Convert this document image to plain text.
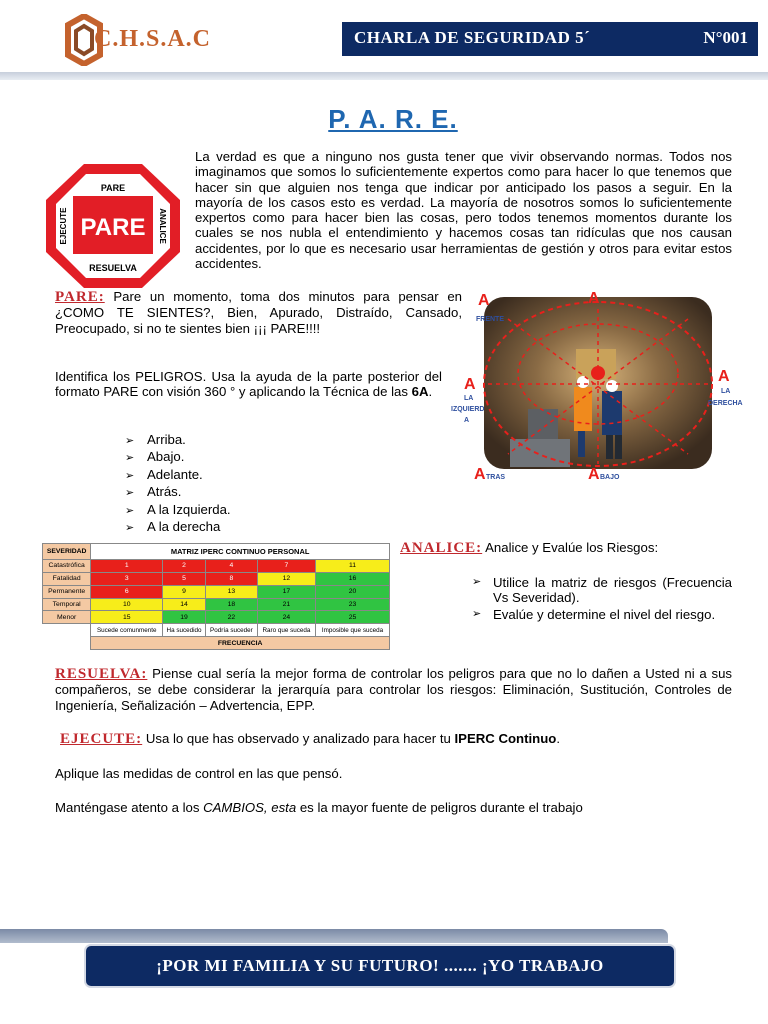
C.H.S.A.C	CHARLA DE SEGURIDAD 5´	N°001
P. A. R. E.
PARE
PARE
RESUELVA
ANALICE
EJECUTE

La verdad es que a ninguno nos gusta tener que vivir observando normas. Todos nos imaginamos que somos lo suficientemente expertos como para hacer lo que tenemos que hacer sin que alguien nos tenga que indicar por anticipado los pasos a seguir. En la mayoría de los casos esto es verdad. La mayoría de nosotros somos lo suficientemente expertos como para hacer bien las cosas, pero todos tenemos momentos durante los cuales se nos nubla el entendimiento y hacemos cosas tan ridículas que nos causan accidentes, por lo que es necesario usar herramientas de gestión y otros para evitar estos accidentes.

PARE: Pare un momento, toma dos minutos para pensar en ¿COMO TE SIENTES?, Bien, Apurado, Distraído, Cansado, Preocupado, si no te sientes bien ¡¡¡ PARE!!!!

Identifica los PELIGROS. Usa la ayuda de la parte posterior del formato PARE con visión 360 ° y aplicando la Técnica de las 6A.

➢ Arriba.
➢ Abajo.
➢ Adelante.
➢ Atrás.
➢ A la Izquierda.
➢ A la derecha
A
FRENTE
A
A
LA
IZQUIERD
A
A
LA
DERECHA
A TRAS	A BAJO
SEVERIDAD	MATRIZ IPERC CONTINUO PERSONAL				
Catastrófica	1	2	4	7	11
Fatalidad	3	5	8	12	16
Permanente	6	9	13	17	20
Temporal	10	14	18	21	23
Menor	15	19	22	24	25
	Sucede comunmente	Ha sucedido	Podría suceder	Raro que suceda	Imposible que suceda
	FRECUENCIA				
ANALICE: Analice y Evalúe los Riesgos:
➢ Utilice la matriz de riesgos (Frecuencia Vs Severidad).
➢ Evalúe y determine el nivel del riesgo.

RESUELVA: Piense cual sería la mejor forma de controlar los peligros para que no lo dañen a Usted ni a sus compañeros, se debe considerar la jerarquía para controlar los riesgos: Eliminación, Sustitución, Controles de Ingeniería, Señalización – Advertencia, EPP.

EJECUTE: Usa lo que has observado y analizado para hacer tu IPERC Continuo.
Aplique las medidas de control en las que pensó.
Manténgase atento a los CAMBIOS, esta es la mayor fuente de peligros durante el trabajo
¡POR MI FAMILIA Y SU FUTURO! ....... ¡YO TRABAJO
